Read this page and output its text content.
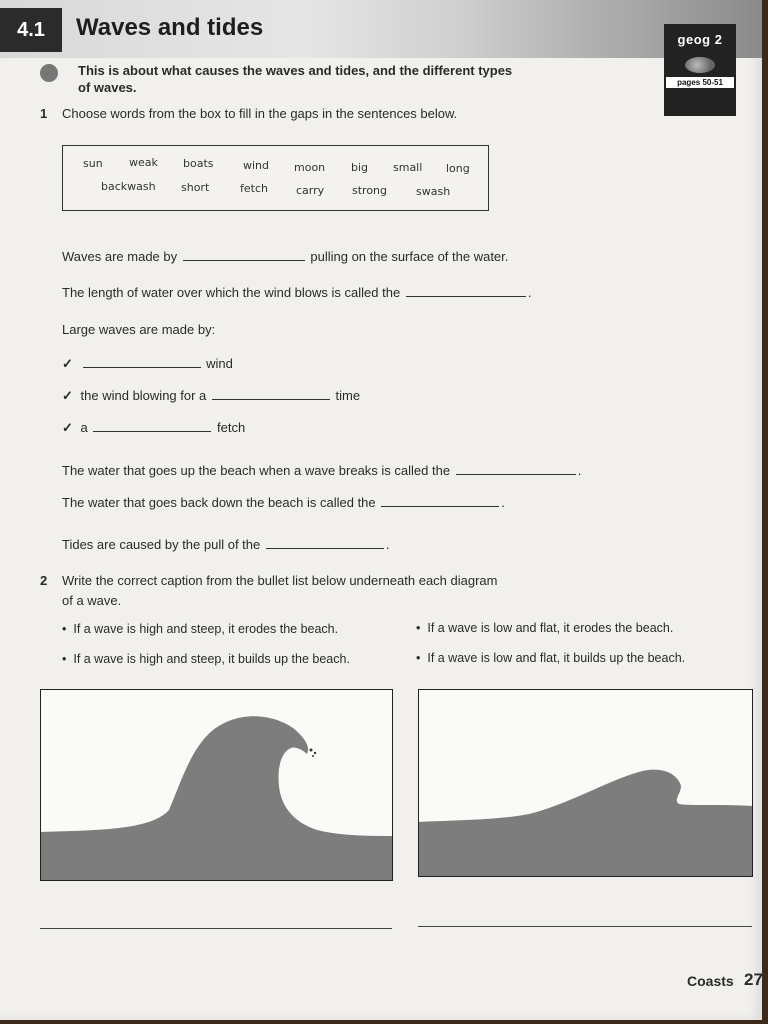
4.1	Waves and tides
This is about what causes the waves and tides, and the different types of waves.
geog 2
pages 50-51
1 Choose words from the box to fill in the gaps in the sentences below.
sun weak boats	wind moon big small long
backwash short	fetch	carry	strong	swash
Waves are made by	pulling on the surface of the water.
The length of water over which the wind blows is called the	.
Large waves are made by:
✓	wind
✓ the wind blowing for a	time
✓ a	fetch
The water that goes up the beach when a wave breaks is called the	.
The water that goes back down the beach is called the	.
Tides are caused by the pull of the	.
2 Write the correct caption from the bullet list below underneath each diagram
of a wave.
• If a wave is high and steep, it erodes the beach.
• If a wave is high and steep, it builds up the beach.
• If a wave is low and flat, it erodes the beach.
• If a wave is low and flat, it builds up the beach.
Coasts 27
